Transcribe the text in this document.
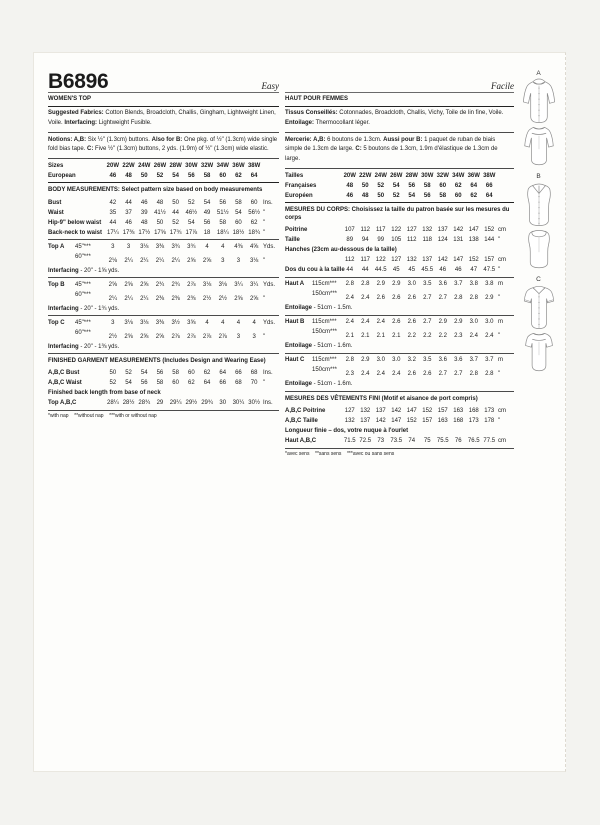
B6896	Easy
WOMEN'S TOP

Suggested Fabrics: Cotton Blends, Broadcloth, Challis, Gingham, Lightweight Linen, Voile. Interfacing: Lightweight Fusible.

Notions: A,B: Six ½" (1.3cm) buttons. Also for B: One pkg. of ½" (1.3cm) wide single fold bias tape. C: Five ½" (1.3cm) buttons, 2 yds. (1.9m) of ½" (1.3cm) wide elastic.

Sizes	20W 22W 24W 26W 28W 30W 32W 34W 36W 38W
European	46	48	50	52	54	56	58	60	62	64
BODY MEASUREMENTS: Select pattern size based on body measurements
Bust	42	44	46	48	50	52	54	56	58	60 Ins.
Waist	35	37	39	41½	44	46½	49	51½	54	56½ "
Hip-9" below waist	44	46	48	50	52	54	56	58	60	62 "
Back-neck to waist 17¼ 17⅜ 17½ 17⅝ 17¾ 17⅞	18	18¼ 18½ 18¾ "
Top A	45"***	3	3	3⅛	3⅜	3¾	3¾	4	4	4⅜	4⅝ Yds.
60"***
2⅛	2¼	2¼	2¼	2¼	2⅝	2⅝	3	3	3⅛ "
Interfacing - 20" - 1⅝ yds.
Top B	45"***	2⅝	2⅝	2⅝	2¾	2¾	2⅞	3⅛	3⅛	3¼	3¼ Yds.
60"***
2¼	2¼	2¼	2⅜	2⅜	2⅜	2½	2½	2⅝	2⅝ "
Interfacing - 20" - 1¾ yds.
Top C	45"***	3	3⅛	3⅛	3⅜	3½	3⅝	4	4	4	4	Yds.
60"***
2½	2⅝	2⅝	2⅝	2⅞	2⅞	2⅞	2⅞	3	3	"
Interfacing - 20" - 1⅜ yds.
FINISHED GARMENT MEASUREMENTS (Includes Design and Wearing Ease)
A,B,C Bust	50	52	54	56	58	60	62	64	66	68 Ins.
A,B,C Waist	52	54	56	58	60	62	64	66	68	70 "
Finished back length from base of neck
Top A,B,C	28¼ 28½ 28¾	29	29¼ 29½ 29¾	30	30¼ 30½ Ins.
*with nap    **without nap    ***with or without nap
Facile
HAUT POUR FEMMES

Tissus Conseillés: Cotonnades, Broadcloth, Challis, Vichy, Toile de lin fine, Voile. Entoilage: Thermocollant léger.

Mercerie: A,B: 6 boutons de 1.3cm. Aussi pour B: 1 paquet de ruban de biais simple de 1.3cm de large. C: 5 boutons de 1.3cm, 1.9m d'élastique de 1.3cm de large.

Tailles	20W 22W 24W 26W 28W 30W 32W 34W 36W 38W
Françaises	48	50	52	54	56	58	60	62	64	66
Européen	46	48	50	52	54	56	58	60	62	64
MESURES DU CORPS: Choisissez la taille du patron basée sur les mesures du corps
Poitrine	107 112 117 122 127 132 137 142 147 152 cm
Taille	89	94	99	105 112 118 124 131 138 144 "
Hanches (23cm au-dessous de la taille)
112 117 122 127 132 137 142 147 152 157 cm
Dos du cou à la taille 44	44	44.5	45	45	45.5	46	46	47	47.5 "
Haut A	115cm***	2.8	2.8	2.9	2.9	3.0	3.5	3.6	3.7	3.8	3.8 m
150cm***
2.4	2.4	2.6	2.6	2.6	2.7	2.7	2.8	2.8	2.9 "
Entoilage - 51cm - 1.5m.
Haut B	115cm***	2.4	2.4	2.4	2.6	2.6	2.7	2.9	2.9	3.0	3.0 m
150cm***
2.1	2.1	2.1	2.1	2.2	2.2	2.2	2.3	2.4	2.4 "
Entoilage - 51cm - 1.6m.
Haut C	115cm***	2.8	2.9	3.0	3.0	3.2	3.5	3.6	3.6	3.7	3.7 m
150cm***
2.3	2.4	2.4	2.4	2.6	2.6	2.7	2.7	2.8	2.8 "
Entoilage - 51cm - 1.6m.
MESURES DES VÊTEMENTS FINI (Motif et aisance de port compris)
A,B,C Poitrine	127 132 137 142 147 152 157 163 168 173 cm
A,B,C Taille	132 137 142 147 152 157 163 168 173 178 "
Longueur finie – dos, votre nuque à l'ourlet
Haut A,B,C	71.5 72.5	73	73.5	74	75	75.5	76	76.5 77.5 cm
*avec sens    **sans sens    ***avec ou sans sens
A
B
C
